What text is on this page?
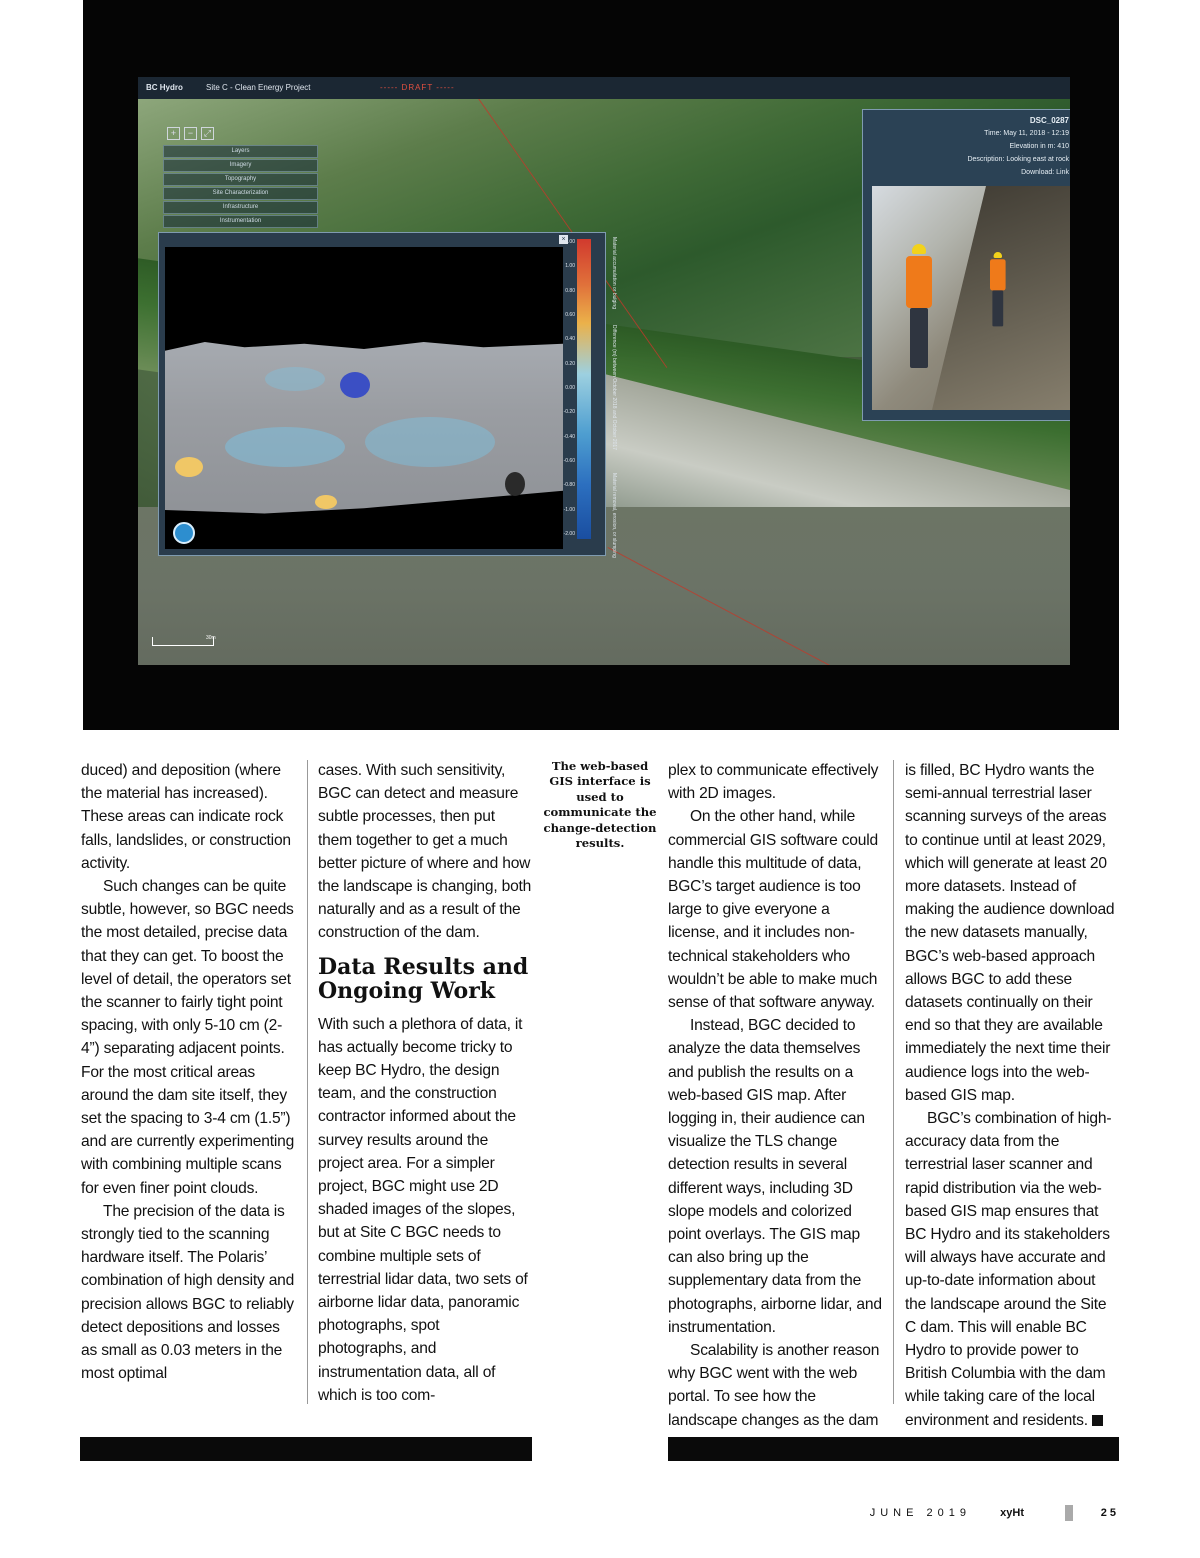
BC Hydro	Site C - Clean Energy Project	----- DRAFT -----
+ − ⤢
Layers
Imagery
Topography
Site Characterization
Infrastructure
Instrumentation
× 2.00
1.00
0.80
0.60
0.40
0.20
0.00
-0.20
-0.40
-0.60
-0.80
-1.00
-2.00
Material accumulation or bulging
Difference (m) between October 2018 and October 2017
Material removal, erosion, or slumping
DSC_0287
Time: May 11, 2018 - 12:19
Elevation in m: 410
Description: Looking east at rock
Download: Link
30m

duced) and deposition (where the material has increased). These areas can indicate rock falls, landslides, or construction activity.

Such changes can be quite subtle, however, so BGC needs the most detailed, precise data that they can get. To boost the level of detail, the operators set the scanner to fairly tight point spacing, with only 5-10 cm (2-4”) separating adjacent points. For the most critical areas around the dam site itself, they set the spacing to 3-4 cm (1.5”) and are currently experimenting with combining multiple scans for even finer point clouds.

The precision of the data is strongly tied to the scanning hardware itself. The Polaris’ combination of high density and precision allows BGC to reliably detect depositions and losses as small as 0.03 meters in the most optimal

cases. With such sensitivity, BGC can detect and measure subtle processes, then put them together to get a much better picture of where and how the landscape is changing, both naturally and as a result of the construction of the dam.

Data Results and Ongoing Work

With such a plethora of data, it has actually become tricky to keep BC Hydro, the design team, and the construction contractor informed about the survey results around the project area. For a simpler project, BGC might use 2D shaded images of the slopes, but at Site C BGC needs to combine multiple sets of terrestrial lidar data, two sets of airborne lidar data, panoramic photographs, spot photographs, and instrumentation data, all of which is too com-

The web-based GIS interface is used to communicate the change-detection results.

plex to communicate effectively with 2D images.

On the other hand, while commercial GIS software could handle this multitude of data, BGC’s target audience is too large to give everyone a license, and it includes non-technical stakeholders who wouldn’t be able to make much sense of that software anyway.

Instead, BGC decided to analyze the data themselves and publish the results on a web-based GIS map. After logging in, their audience can visualize the TLS change detection results in several different ways, including 3D slope models and colorized point overlays. The GIS map can also bring up the supplementary data from the photographs, airborne lidar, and instrumentation.

Scalability is another reason why BGC went with the web portal. To see how the landscape changes as the dam

is filled, BC Hydro wants the semi-annual terrestrial laser scanning surveys of the areas to continue until at least 2029, which will generate at least 20 more datasets. Instead of making the audience download the new datasets manually, BGC’s web-based approach allows BGC to add these datasets continually on their end so that they are available immediately the next time their audience logs into the web-based GIS map.

BGC’s combination of high-accuracy data from the terrestrial laser scanner and rapid distribution via the web-based GIS map ensures that BC Hydro and its stakeholders will always have accurate and up-to-date information about the landscape around the Site C dam. This will enable BC Hydro to provide power to British Columbia with the dam while taking care of the local environment and residents.

JUNE 2019	xyHt	25
